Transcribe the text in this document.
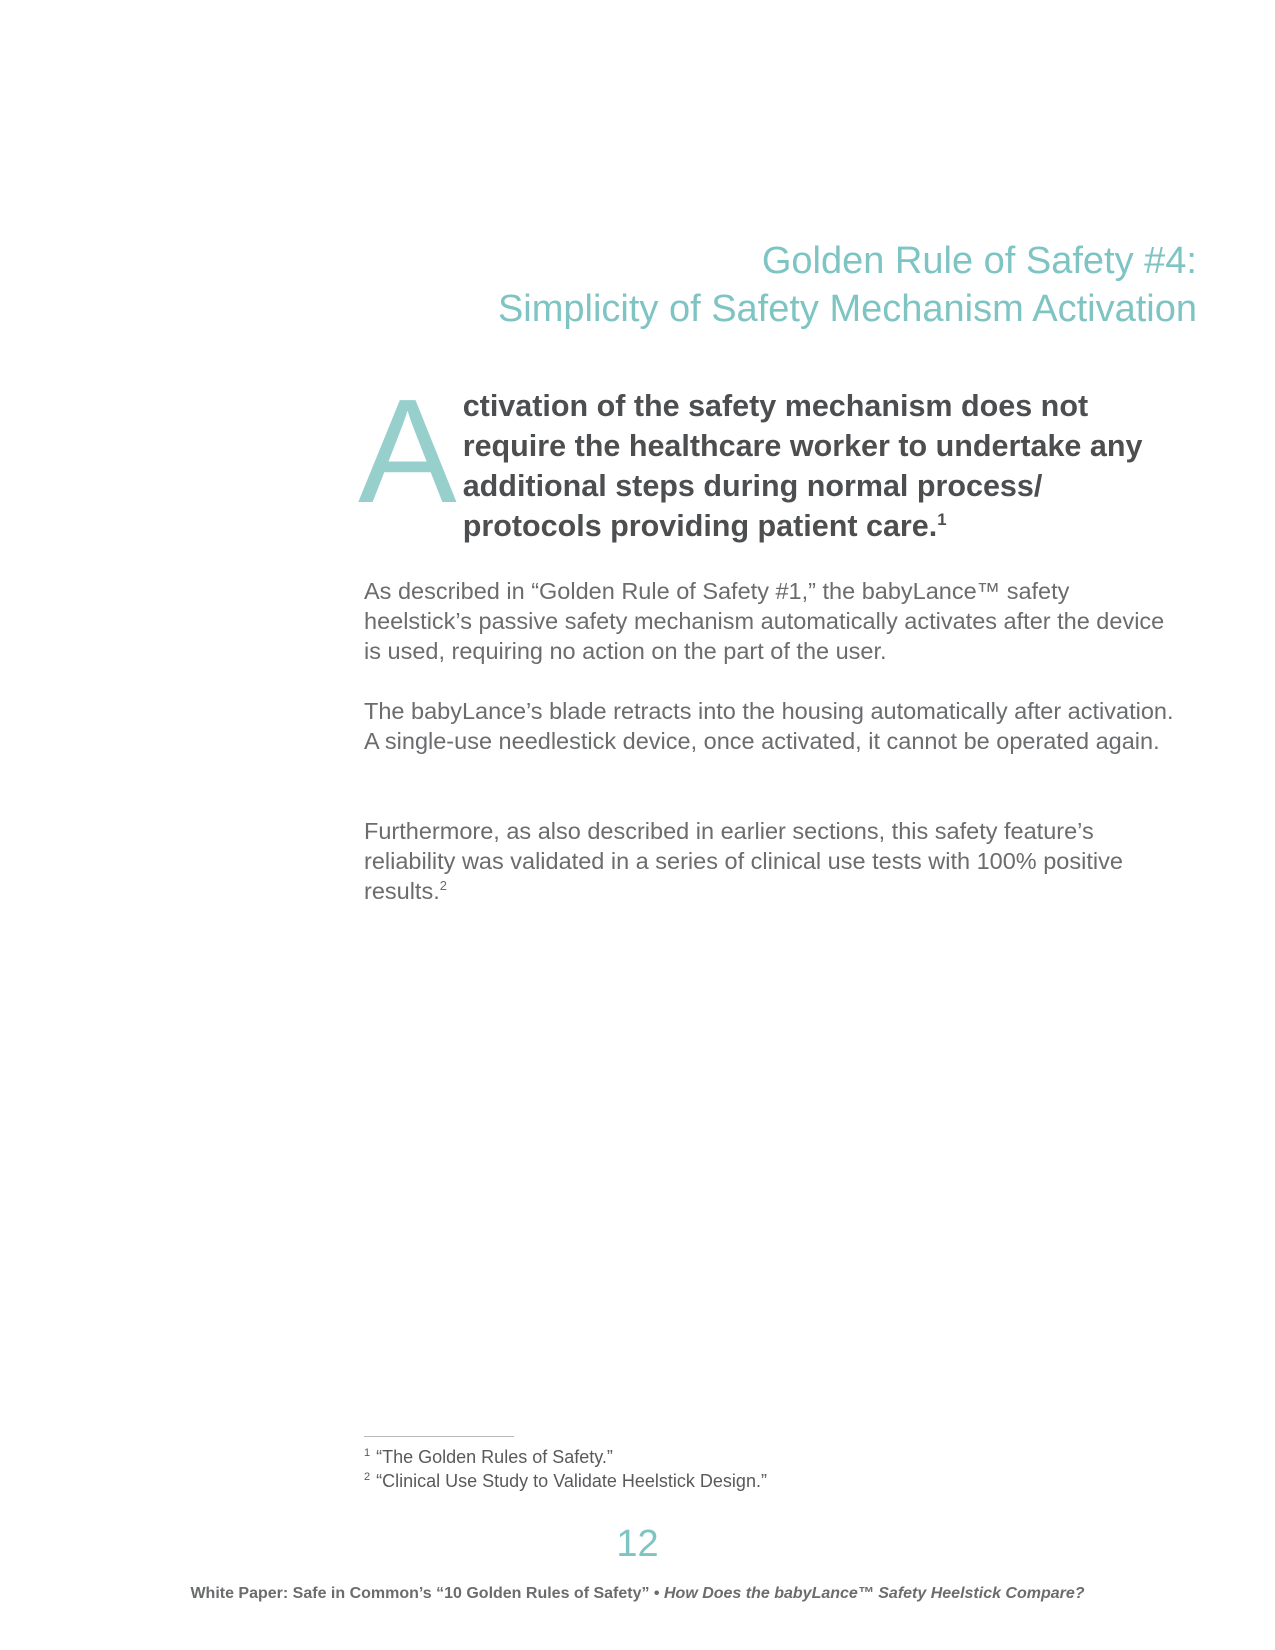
Golden Rule of Safety #4:
Simplicity of Safety Mechanism Activation

Activation of the safety mechanism does not require the healthcare worker to undertake any additional steps during normal process/ protocols providing patient care.$^1$

As described in “Golden Rule of Safety #1,” the babyLance™ safety heelstick’s passive safety mechanism automatically activates after the device is used, requiring no action on the part of the user.

The babyLance’s blade retracts into the housing automatically after activation. A single-use needlestick device, once activated, it cannot be operated again.

Furthermore, as also described in earlier sections, this safety feature’s reliability was validated in a series of clinical use tests with 100% positive results.$^2$

$^1$ “The Golden Rules of Safety.”

$^2$ “Clinical Use Study to Validate Heelstick Design.”

12
White Paper: Safe in Common’s “10 Golden Rules of Safety” • How Does the babyLance™ Safety Heelstick Compare?
